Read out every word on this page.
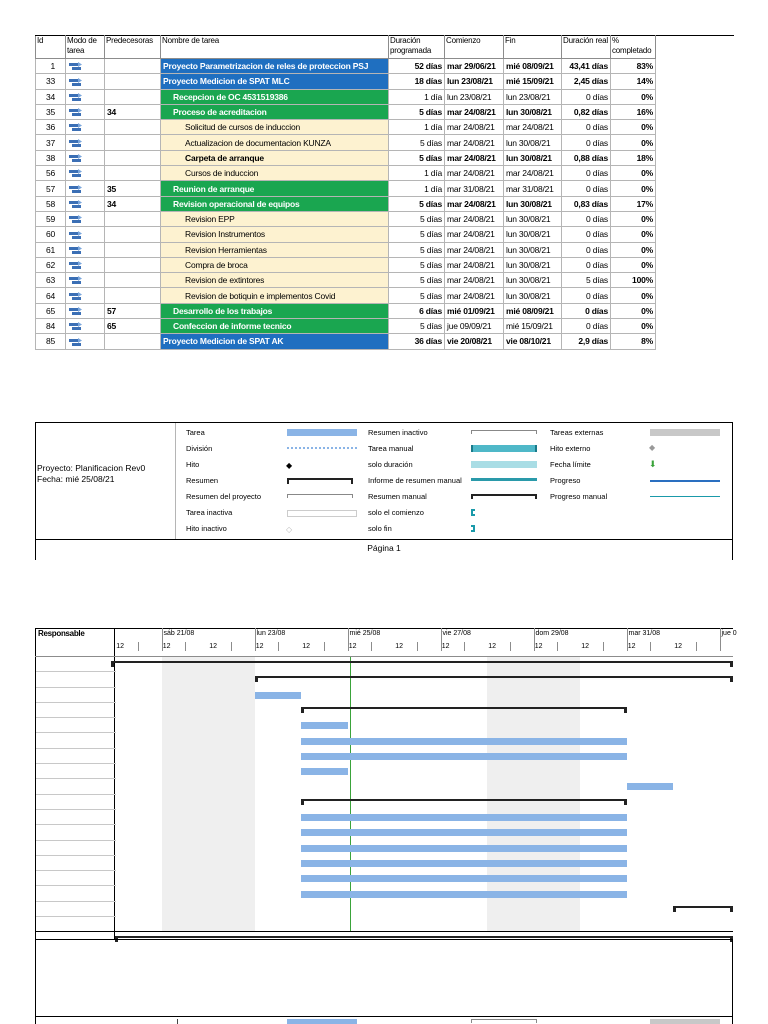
Id	Modo de tarea	Predecesoras	Nombre de tarea	Duración programada	Comienzo	Fin	Duración real	% completado	
1			Proyecto Parametrizacion de reles de proteccion PSJ	52 días	mar 29/06/21	mié 08/09/21	43,41 días	83%	
33			Proyecto Medicion de SPAT MLC	18 días	lun 23/08/21	mié 15/09/21	2,45 días	14%	
34			Recepcion de OC 4531519386	1 día	lun 23/08/21	lun 23/08/21	0 días	0%	
35		34	Proceso de acreditacion	5 días	mar 24/08/21	lun 30/08/21	0,82 días	16%	
36			Solicitud de cursos de induccion	1 día	mar 24/08/21	mar 24/08/21	0 días	0%	
37			Actualizacion de documentacion KUNZA	5 días	mar 24/08/21	lun 30/08/21	0 días	0%	
38			Carpeta de arranque	5 días	mar 24/08/21	lun 30/08/21	0,88 días	18%	
56			Cursos de induccion	1 día	mar 24/08/21	mar 24/08/21	0 días	0%	
57		35	Reunion de arranque	1 día	mar 31/08/21	mar 31/08/21	0 días	0%	
58		34	Revision operacional de equipos	5 días	mar 24/08/21	lun 30/08/21	0,83 días	17%	
59			Revision EPP	5 días	mar 24/08/21	lun 30/08/21	0 días	0%	
60			Revision Instrumentos	5 días	mar 24/08/21	lun 30/08/21	0 días	0%	
61			Revision Herramientas	5 días	mar 24/08/21	lun 30/08/21	0 días	0%	
62			Compra de broca	5 días	mar 24/08/21	lun 30/08/21	0 días	0%	
63			Revision de extintores	5 días	mar 24/08/21	lun 30/08/21	5 días	100%	
64			Revision de botiquin e implementos Covid	5 días	mar 24/08/21	lun 30/08/21	0 días	0%	
65		57	Desarrollo de los trabajos	6 días	mié 01/09/21	mié 08/09/21	0 días	0%	
84		65	Confeccion de informe tecnico	5 días	jue 09/09/21	mié 15/09/21	0 días	0%	
85			Proyecto Medicion de SPAT AK	36 días	vie 20/08/21	vie 08/10/21	2,9 días	8%	
Proyecto: Planificacion Rev0
Fecha: mié 25/08/21
Tarea
División
Hito
Resumen
Resumen del proyecto
Tarea inactiva
Hito inactivo
◆
◇
Resumen inactivo
Tarea manual
solo duración
Informe de resumen manual
Resumen manual
solo el comienzo
solo fin
Tareas externas
Hito externo
Fecha límite
Progreso
Progreso manual
◆
⬇
Página 1
Responsable	sáb 21/08	lun 23/08	mié 25/08	vie 27/08	dom 29/08	mar 31/08	jue 0
12	12	12	12	12	12	12	12	12	12	12	12	12
